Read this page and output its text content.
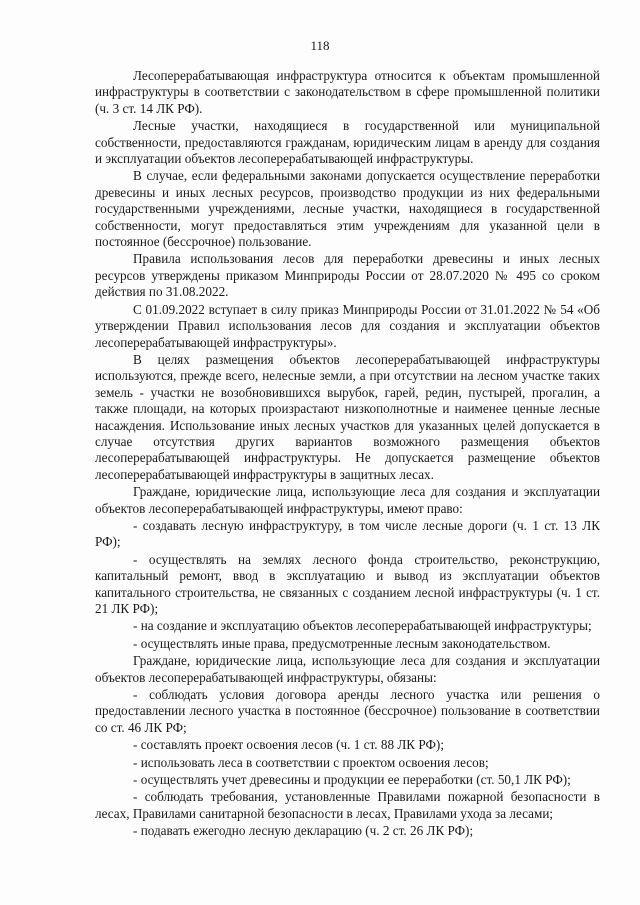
118

Лесоперерабатывающая инфраструктура относится к объектам промышленной инфраструктуры в соответствии с законодательством в сфере промышленной политики (ч. 3 ст. 14 ЛК РФ).

Лесные участки, находящиеся в государственной или муниципальной собственности, предоставляются гражданам, юридическим лицам в аренду для создания и эксплуатации объектов лесоперерабатывающей инфраструктуры.

В случае, если федеральными законами допускается осуществление переработки древесины и иных лесных ресурсов, производство продукции из них федеральными государственными учреждениями, лесные участки, находящиеся в государственной собственности, могут предоставляться этим учреждениям для указанной цели в постоянное (бессрочное) пользование.

Правила использования лесов для переработки древесины и иных лесных ресурсов утверждены приказом Минприроды России от 28.07.2020 № 495 со сроком действия по 31.08.2022.

С 01.09.2022 вступает в силу приказ Минприроды России от 31.01.2022 № 54 «Об утверждении Правил использования лесов для создания и эксплуатации объектов лесоперерабатывающей инфраструктуры».

В целях размещения объектов лесоперерабатывающей инфраструктуры используются, прежде всего, нелесные земли, а при отсутствии на лесном участке таких земель - участки не возобновившихся вырубок, гарей, редин, пустырей, прогалин, а также площади, на которых произрастают низкополнотные и наименее ценные лесные насаждения. Использование иных лесных участков для указанных целей допускается в случае отсутствия других вариантов возможного размещения объектов лесоперерабатывающей инфраструктуры. Не допускается размещение объектов лесоперерабатывающей инфраструктуры в защитных лесах.

Граждане, юридические лица, использующие леса для создания и эксплуатации объектов лесоперерабатывающей инфраструктуры, имеют право:

- создавать лесную инфраструктуру, в том числе лесные дороги (ч. 1 ст. 13 ЛК РФ);

- осуществлять на землях лесного фонда строительство, реконструкцию, капитальный ремонт, ввод в эксплуатацию и вывод из эксплуатации объектов капитального строительства, не связанных с созданием лесной инфраструктуры (ч. 1 ст. 21 ЛК РФ);

- на создание и эксплуатацию объектов лесоперерабатывающей инфраструктуры;

- осуществлять иные права, предусмотренные лесным законодательством.

Граждане, юридические лица, использующие леса для создания и эксплуатации объектов лесоперерабатывающей инфраструктуры, обязаны:

- соблюдать условия договора аренды лесного участка или решения о предоставлении лесного участка в постоянное (бессрочное) пользование в соответствии со ст. 46 ЛК РФ;

- составлять проект освоения лесов (ч. 1 ст. 88 ЛК РФ);

- использовать леса в соответствии с проектом освоения лесов;

- осуществлять учет древесины и продукции ее переработки (ст. 50,1 ЛК РФ);

- соблюдать требования, установленные Правилами пожарной безопасности в лесах, Правилами санитарной безопасности в лесах, Правилами ухода за лесами;

- подавать ежегодно лесную декларацию (ч. 2 ст. 26 ЛК РФ);
